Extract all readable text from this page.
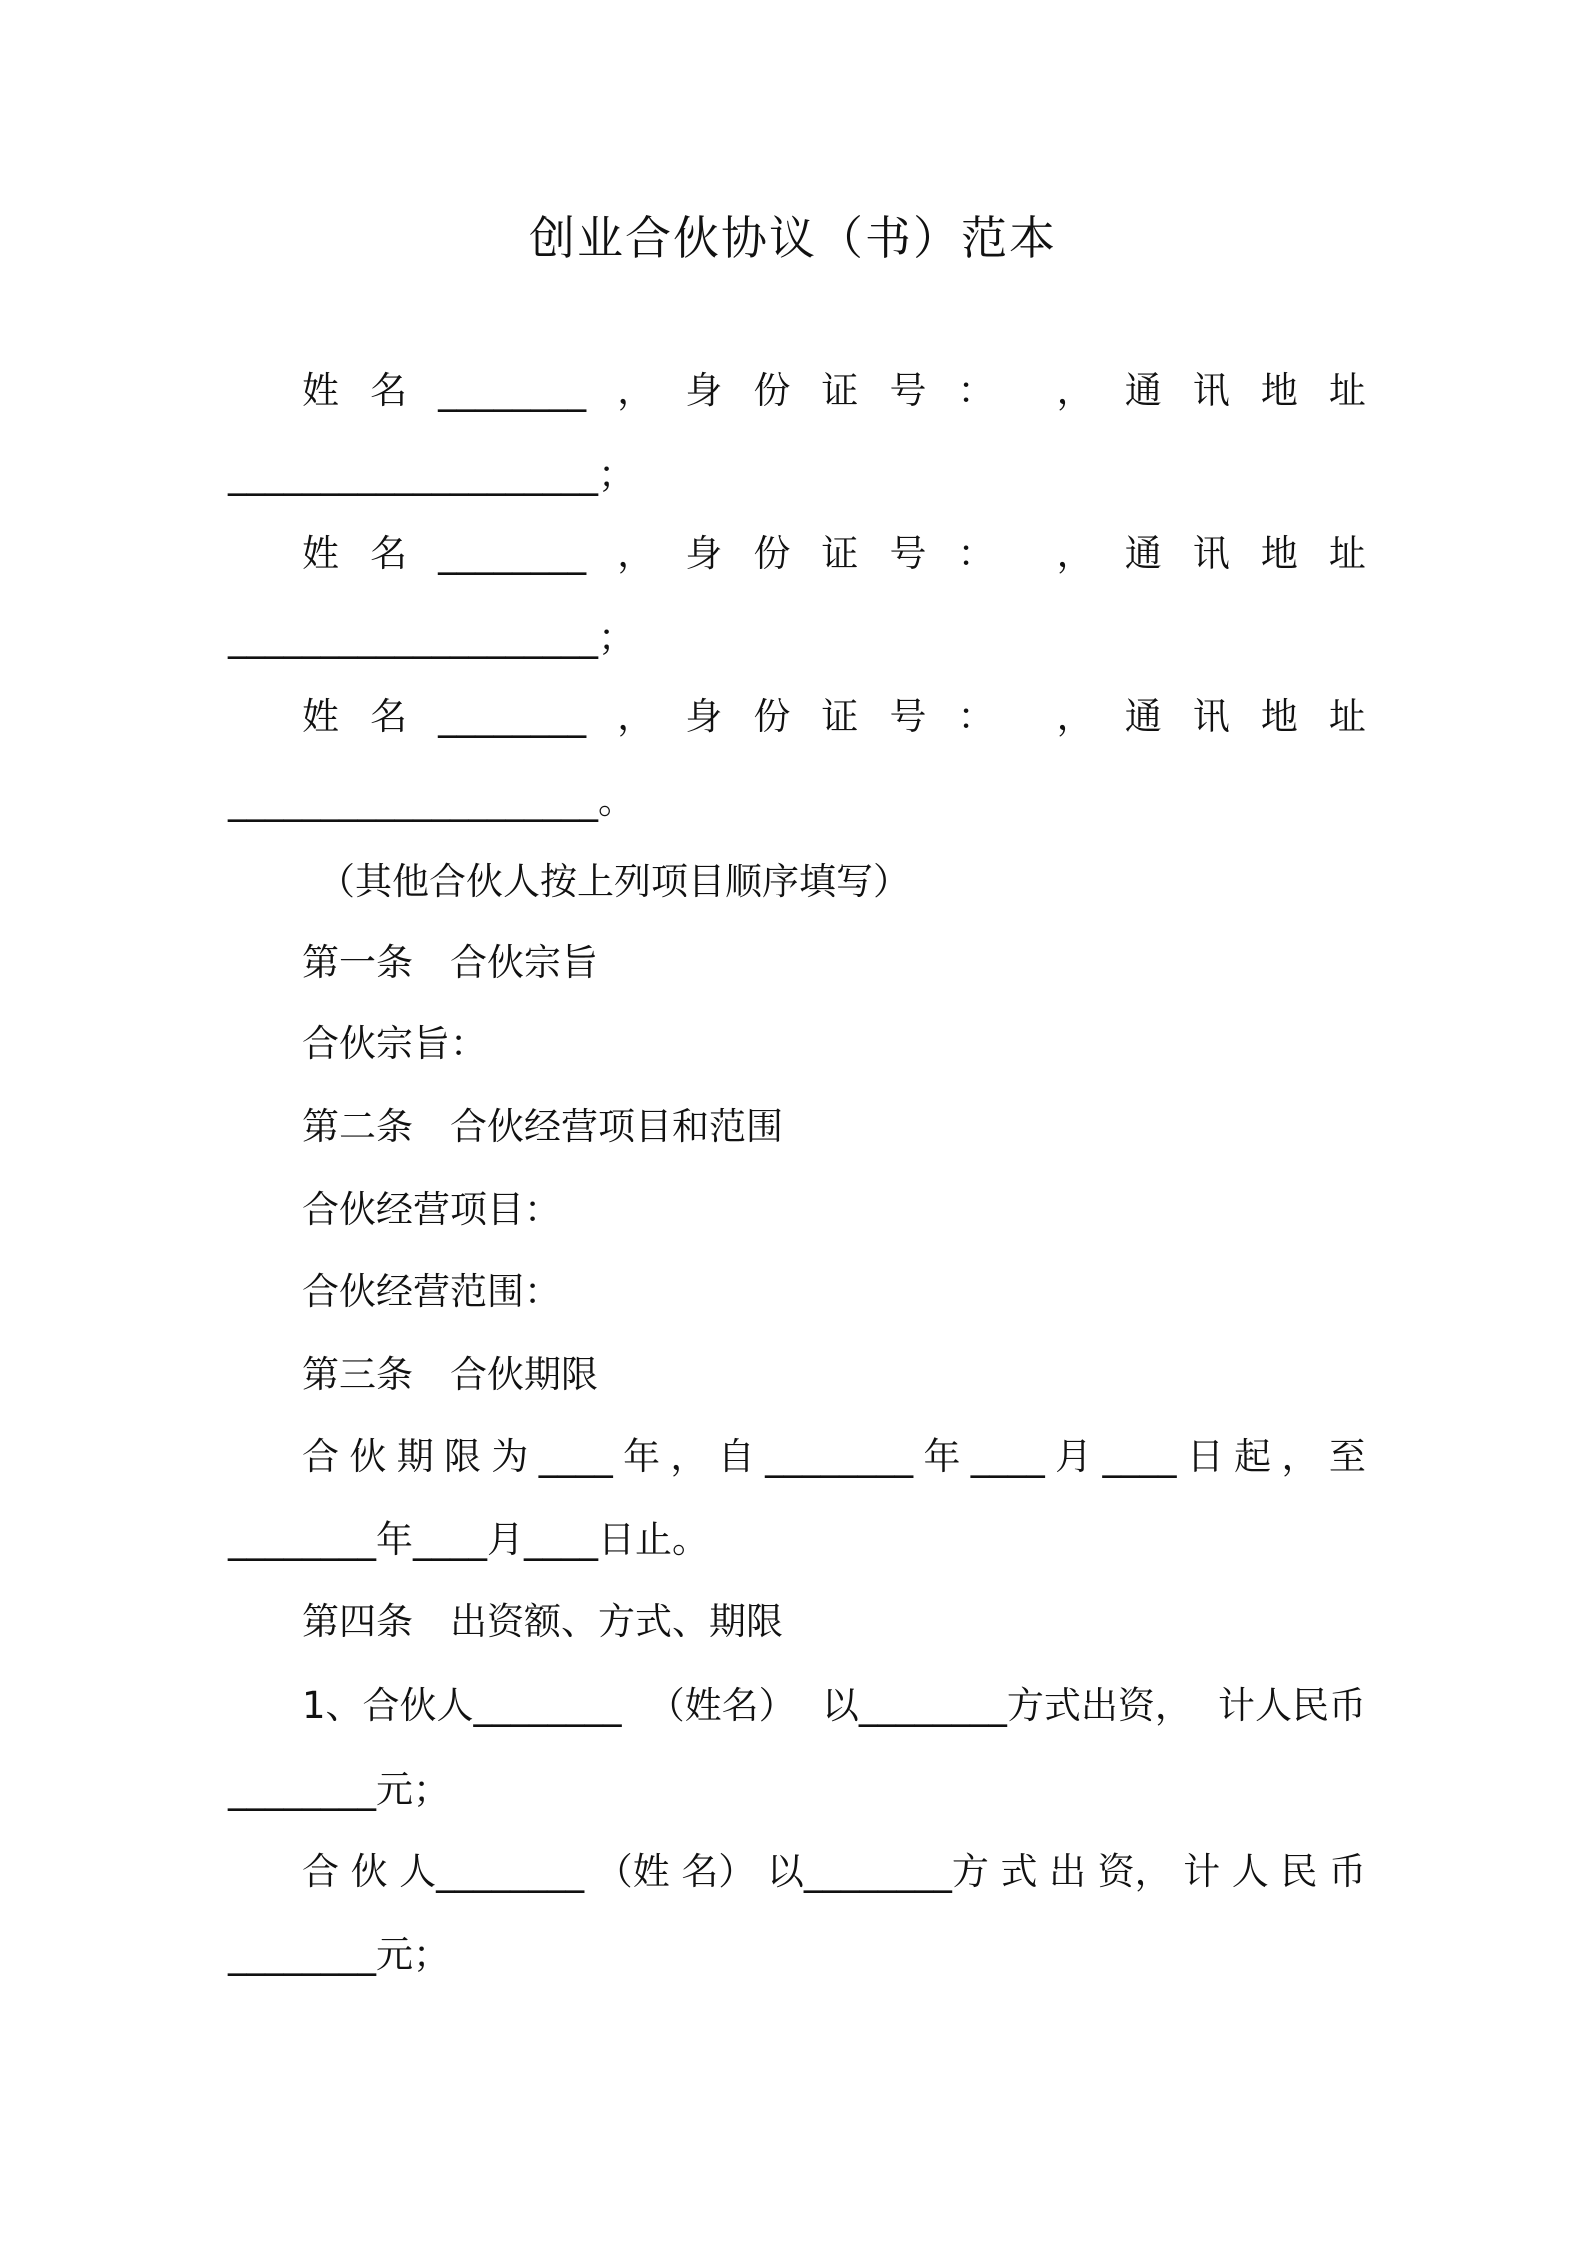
创业合伙协议（书）范本
姓 名 ________ ， 身 份 证 号 ： ， 通 讯 地 址
____________________；
姓 名 ________ ， 身 份 证 号 ： ， 通 讯 地 址
____________________；
姓 名 ________ ， 身 份 证 号 ： ， 通 讯 地 址
____________________。
（其他合伙人按上列项目顺序填写）
第一条　合伙宗旨
合伙宗旨：
第二条　合伙经营项目和范围
合伙经营项目：
合伙经营范围：
第三条　合伙期限
合 伙 期 限 为 ____ 年 ， 自 ________ 年 ____ 月 ____ 日 起 ， 至
________年____月____日止。
第四条　出资额、方式、期限
1、合伙人________ （姓名） 以________方式出资， 计人民币
________元；
合 伙 人________ （姓 名） 以________方 式 出 资， 计 人 民 币
________元；
